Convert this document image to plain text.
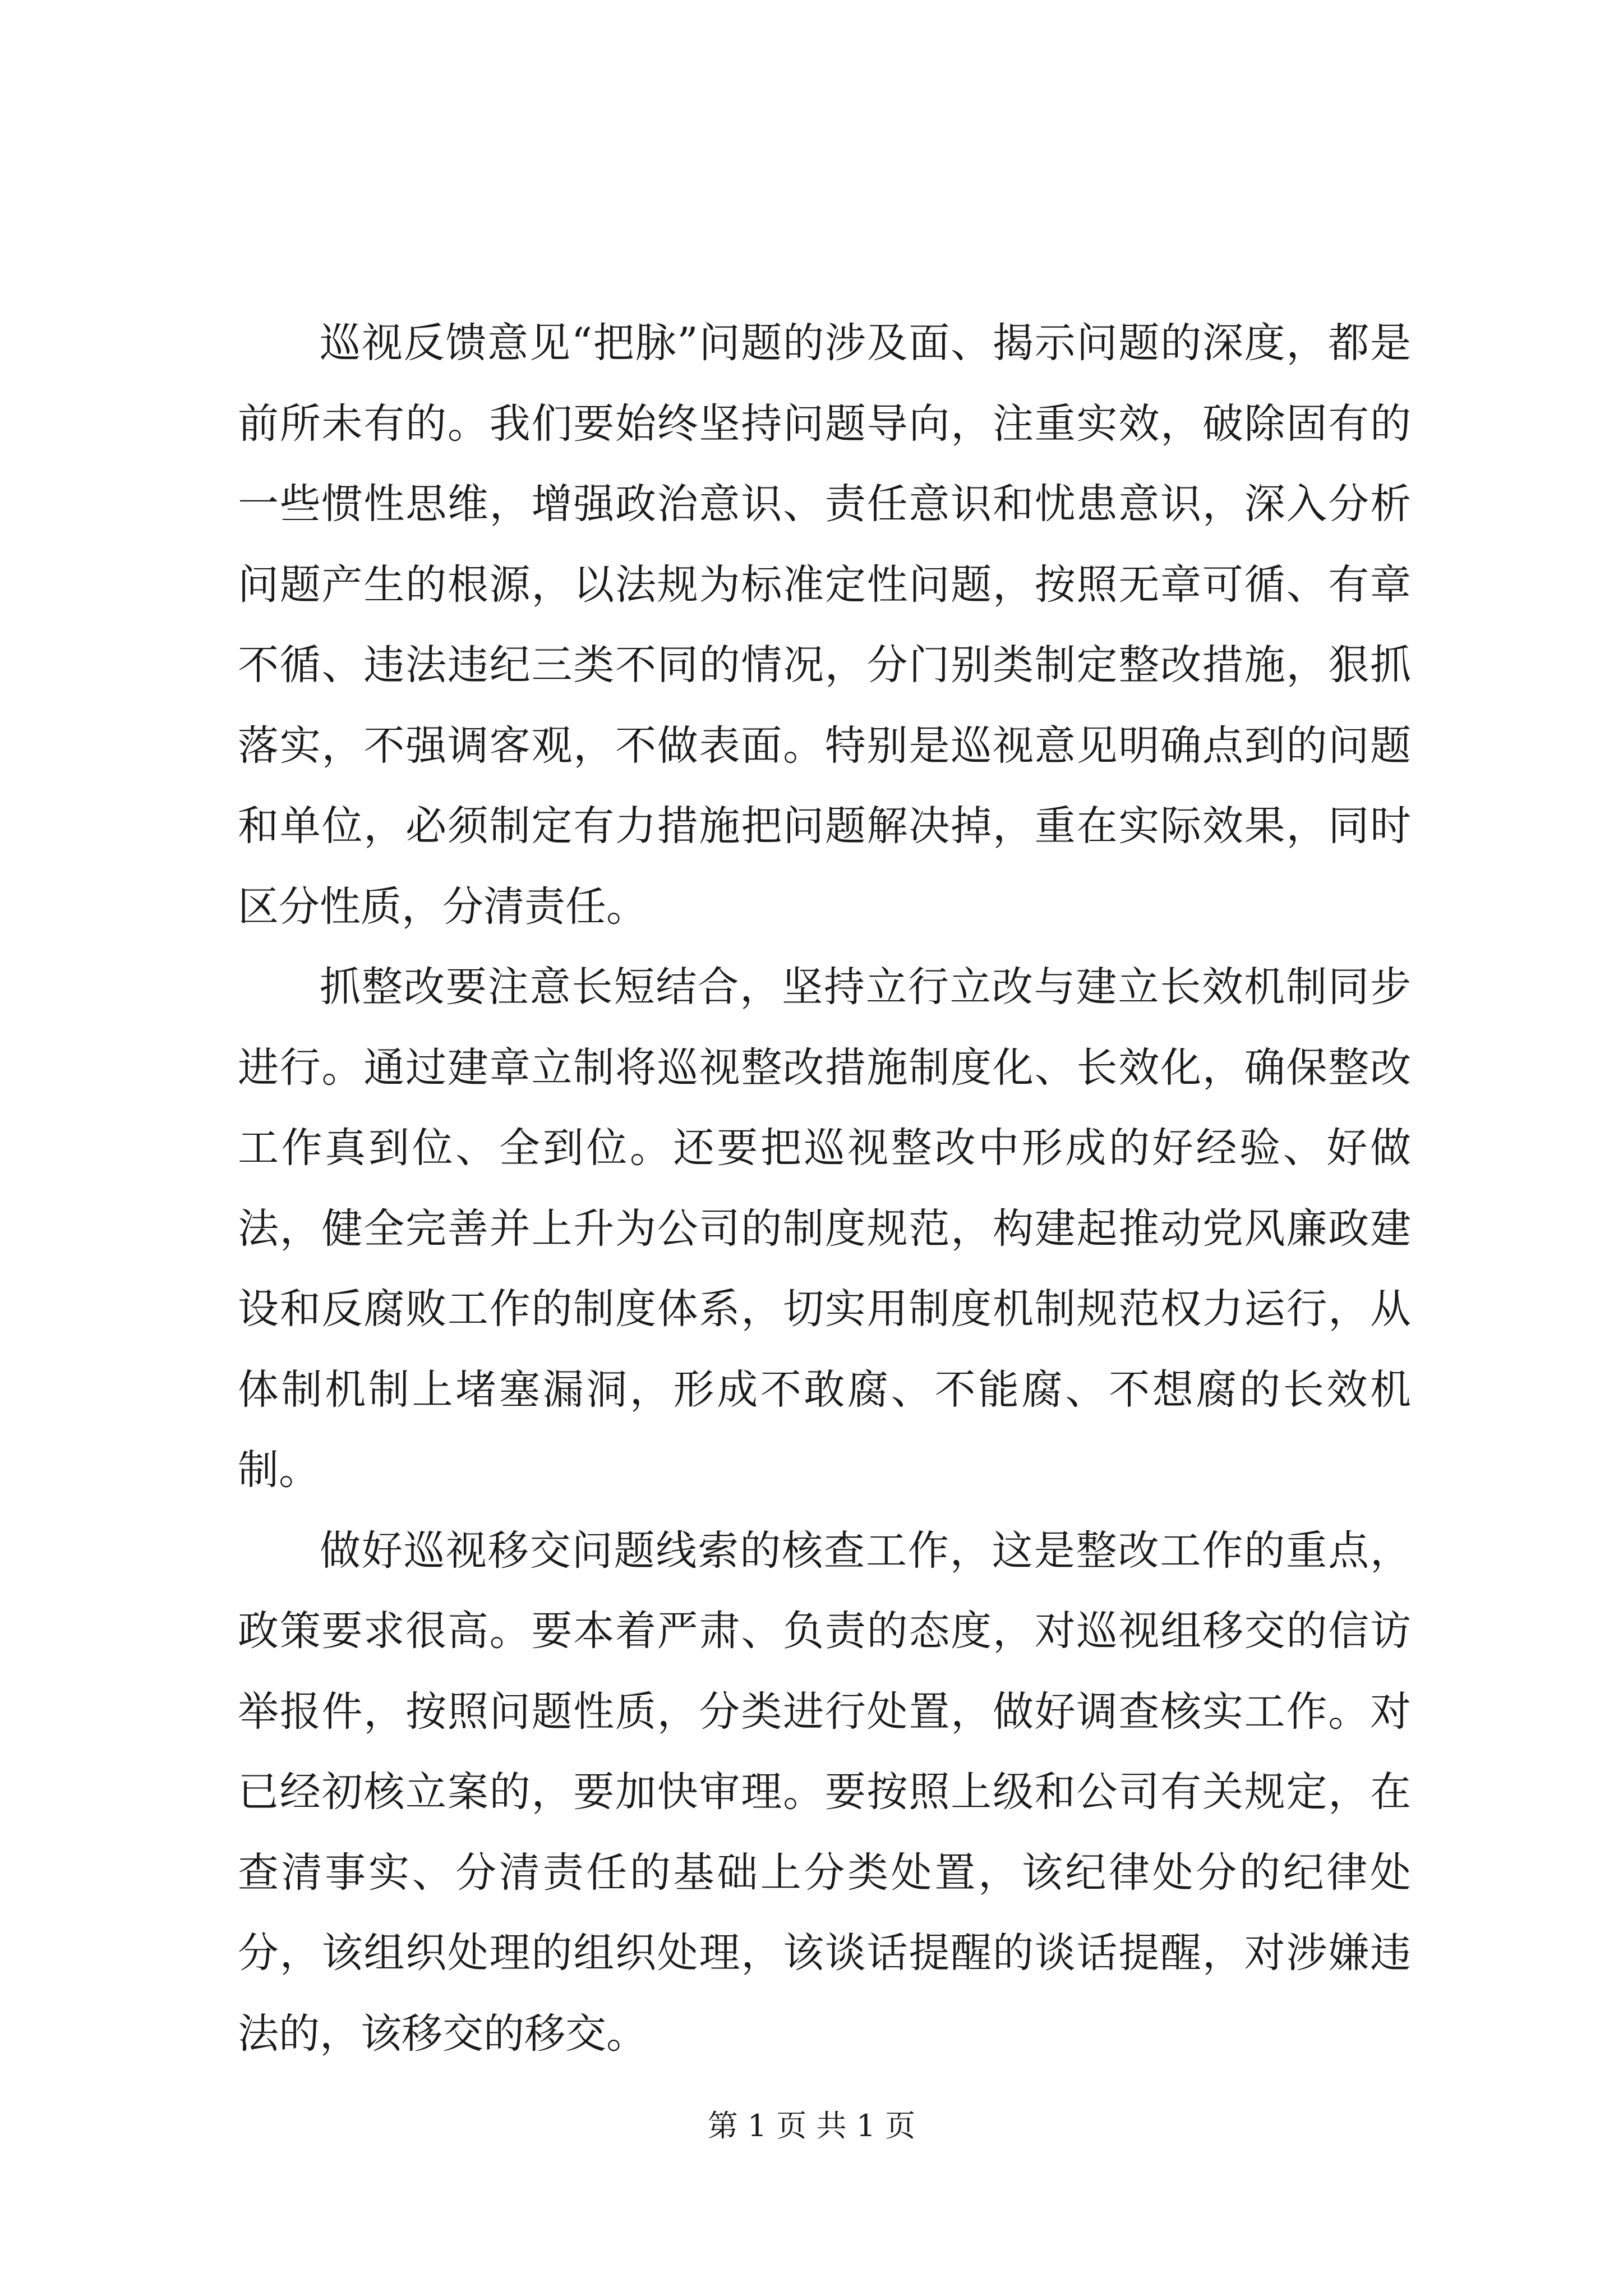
巡视反馈意见“把脉”问题的涉及面、揭示问题的深度，都是前所未有的。我们要始终坚持问题导向，注重实效，破除固有的一些惯性思维，增强政治意识、责任意识和忧患意识，深入分析问题产生的根源，以法规为标准定性问题，按照无章可循、有章不循、违法违纪三类不同的情况，分门别类制定整改措施，狠抓落实，不强调客观，不做表面。特别是巡视意见明确点到的问题和单位，必须制定有力措施把问题解决掉，重在实际效果，同时区分性质，分清责任。

抓整改要注意长短结合，坚持立行立改与建立长效机制同步进行。通过建章立制将巡视整改措施制度化、长效化，确保整改工作真到位、全到位。还要把巡视整改中形成的好经验、好做法，健全完善并上升为公司的制度规范，构建起推动党风廉政建设和反腐败工作的制度体系，切实用制度机制规范权力运行，从体制机制上堵塞漏洞，形成不敢腐、不能腐、不想腐的长效机制。

做好巡视移交问题线索的核查工作，这是整改工作的重点，政策要求很高。要本着严肃、负责的态度，对巡视组移交的信访举报件，按照问题性质，分类进行处置，做好调查核实工作。对已经初核立案的，要加快审理。要按照上级和公司有关规定，在查清事实、分清责任的基础上分类处置，该纪律处分的纪律处分，该组织处理的组织处理，该谈话提醒的谈话提醒，对涉嫌违法的，该移交的移交。

第 1 页 共 1 页
